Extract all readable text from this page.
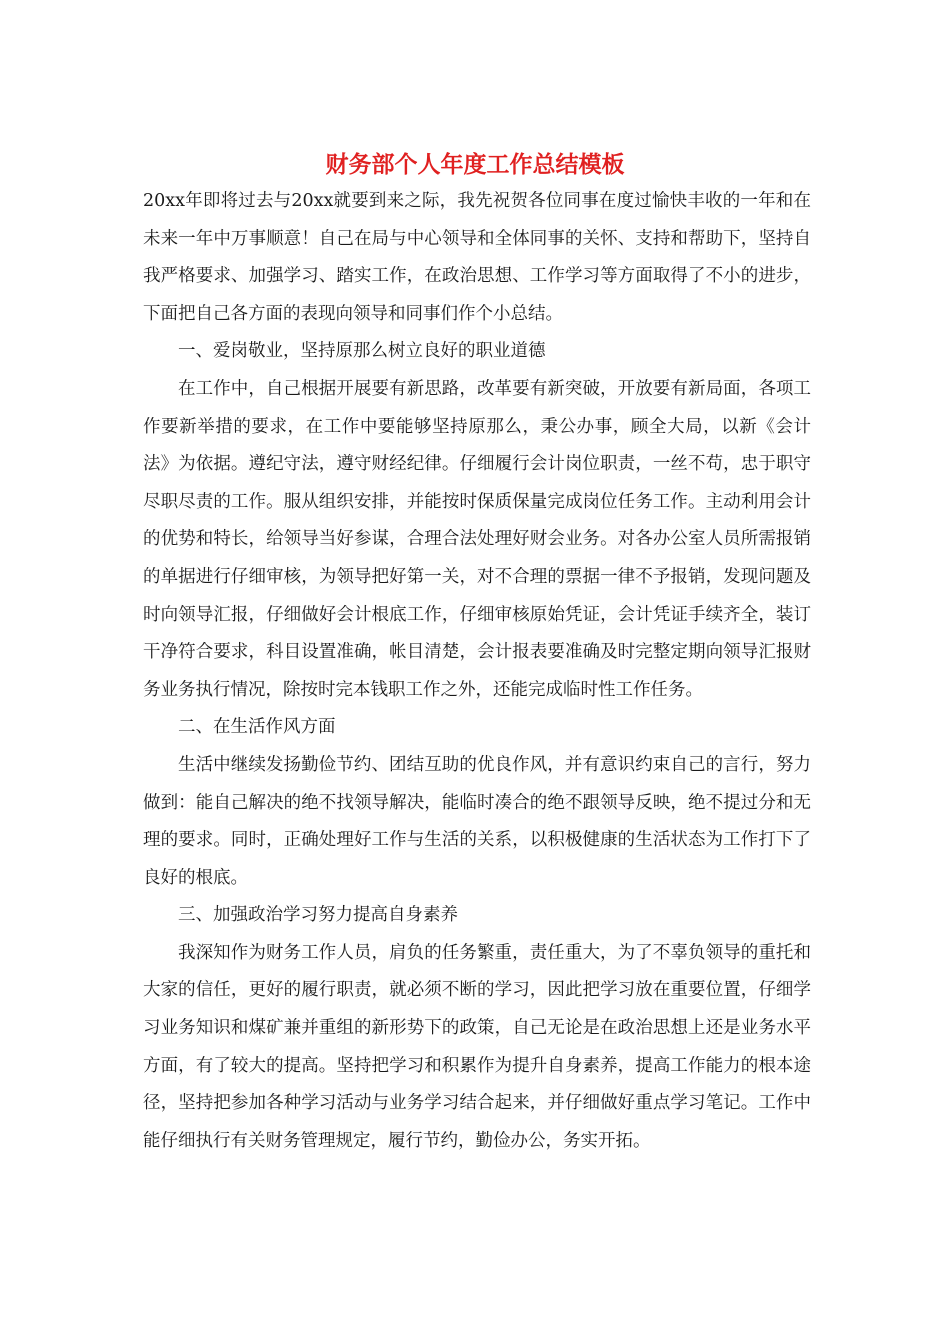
财务部个人年度工作总结模板

20xx年即将过去与20xx就要到来之际，我先祝贺各位同事在度过愉快丰收的一年和在未来一年中万事顺意！自己在局与中心领导和全体同事的关怀、支持和帮助下，坚持自我严格要求、加强学习、踏实工作，在政治思想、工作学习等方面取得了不小的进步，下面把自己各方面的表现向领导和同事们作个小总结。

一、爱岗敬业，坚持原那么树立良好的职业道德

在工作中，自己根据开展要有新思路，改革要有新突破，开放要有新局面，各项工作要新举措的要求，在工作中要能够坚持原那么，秉公办事，顾全大局，以新《会计法》为依据。遵纪守法，遵守财经纪律。仔细履行会计岗位职责，一丝不苟，忠于职守尽职尽责的工作。服从组织安排，并能按时保质保量完成岗位任务工作。主动利用会计的优势和特长，给领导当好参谋，合理合法处理好财会业务。对各办公室人员所需报销的单据进行仔细审核，为领导把好第一关，对不合理的票据一律不予报销，发现问题及时向领导汇报，仔细做好会计根底工作，仔细审核原始凭证，会计凭证手续齐全，装订干净符合要求，科目设置准确，帐目清楚，会计报表要准确及时完整定期向领导汇报财务业务执行情况，除按时完本钱职工作之外，还能完成临时性工作任务。

二、在生活作风方面

生活中继续发扬勤俭节约、团结互助的优良作风，并有意识约束自己的言行，努力做到：能自己解决的绝不找领导解决，能临时凑合的绝不跟领导反映，绝不提过分和无理的要求。同时，正确处理好工作与生活的关系，以积极健康的生活状态为工作打下了良好的根底。

三、加强政治学习努力提高自身素养

我深知作为财务工作人员，肩负的任务繁重，责任重大，为了不辜负领导的重托和大家的信任，更好的履行职责，就必须不断的学习，因此把学习放在重要位置，仔细学习业务知识和煤矿兼并重组的新形势下的政策，自己无论是在政治思想上还是业务水平方面，有了较大的提高。坚持把学习和积累作为提升自身素养，提高工作能力的根本途径，坚持把参加各种学习活动与业务学习结合起来，并仔细做好重点学习笔记。工作中能仔细执行有关财务管理规定，履行节约，勤俭办公，务实开拓。
